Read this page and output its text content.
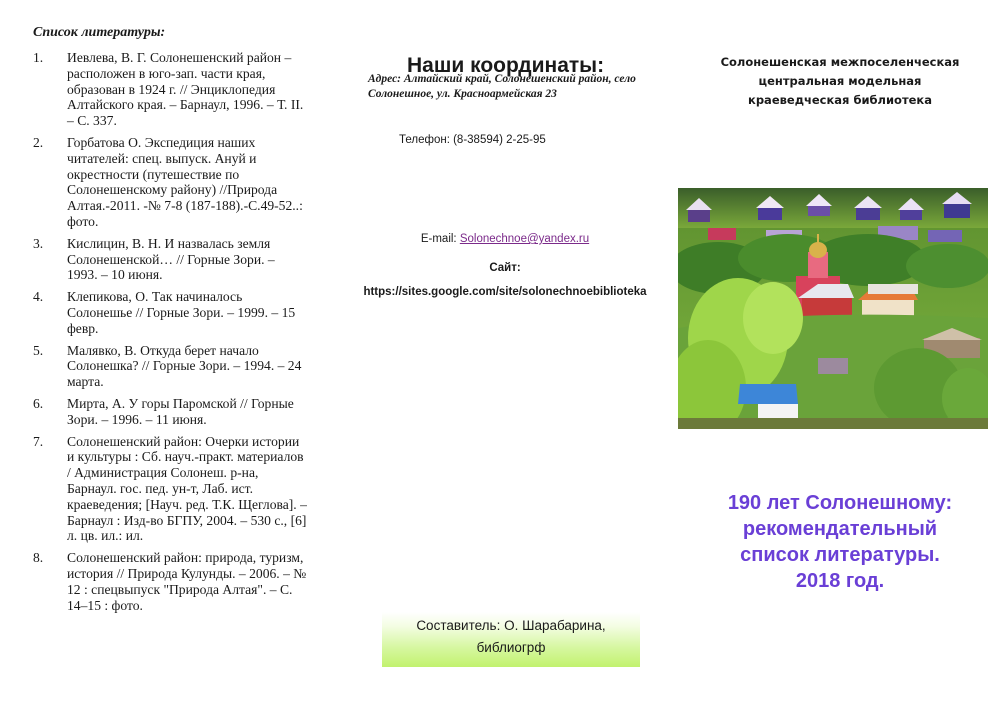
Список литературы:
1.	Иевлева, В. Г. Солонешенский район – расположен в юго-зап. части края, образован в 1924 г. // Энциклопедия Алтайского края. – Барнаул, 1996. – Т. II. – С. 337.
2.	Горбатова О. Экспедиция наших читателей: спец. выпуск. Ануй и окрестности (путешествие по Солонешенскому району) //Природа Алтая.-2011. -№ 7-8 (187-188).-С.49-52..: фото.
3.	Кислицин, В. Н. И назвалась земля Солонешенской… // Горные Зори. – 1993. – 10 июня.
4.	Клепикова, О. Так начиналось Солонешье // Горные Зори. – 1999. – 15 февр.
5.	Малявко, В. Откуда берет начало Солонешка? // Горные Зори. – 1994. – 24 марта.
6.	Мирта, А. У горы Паромской // Горные Зори. – 1996. – 11 июня.
7.	Солонешенский район: Очерки истории и культуры : Сб. науч.-практ. материалов / Администрация Солонеш. р-на, Барнаул. гос. пед. ун-т, Лаб. ист. краеведения; [Науч. ред. Т.К. Щеглова]. – Барнаул : Изд-во БГПУ, 2004. – 530 с., [6] л. цв. ил.: ил.
8.	Солонешенский район: природа, туризм, история // Природа Кулунды. – 2006. – № 12 : спецвыпуск "Природа Алтая". – С. 14–15 : фото.
Наши координаты:
Адрес: Алтайский край, Солонешенский район, село Солонешное, ул. Красноармейская 23
Телефон: (8-38594) 2-25-95
E-mail: Solonechnoe@yandex.ru
Сайт:
https://sites.google.com/site/solonechnoebiblioteka
Составитель: О. Шарабарина,
библиогрф
Солонешенская межпоселенческая
центральная модельная
краеведческая библиотека
190 лет Солонешному:
рекомендательный
список литературы.
2018 год.
